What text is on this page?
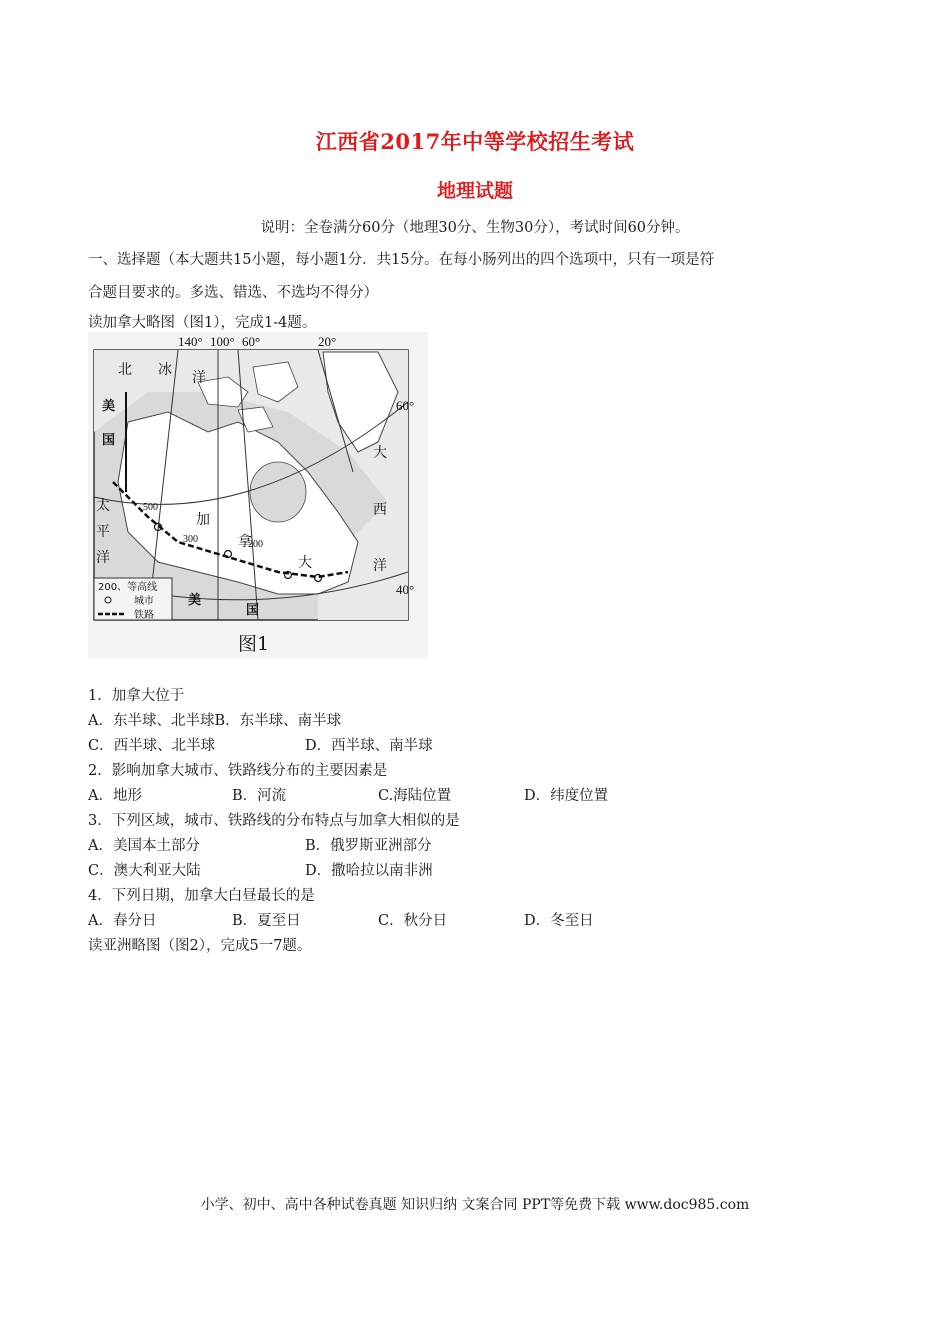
江西省2017年中等学校招生考试
地理试题
说明：全卷满分60分（地理30分、生物30分），考试时间60分钟。
一、选择题（本大题共15小题，每小题1分．共15分。在每小肠列出的四个选项中，只有一项是符
合题目要求的。多选、错选、不选均不得分）
读加拿大略图（图1），完成1-4题。
140° 100° 60°	20°
60°
40°
北 冰 洋
大
西
洋
太
平
洋
美
国
加
拿
大
美
国
500
300	200
200、等高线
城市
铁路
图1
1．加拿大位于
A．东半球、北半球B．东半球、南半球
C．西半球、北半球	D．西半球、南半球
2．影响加拿大城市、铁路线分布的主要因素是
A．地形	B．河流	C.海陆位置	D．纬度位置
3．下列区域，城市、铁路线的分布特点与加拿大相似的是
A．美国本土部分	B．俄罗斯亚洲部分
C．澳大利亚大陆	D．撒哈拉以南非洲
4．下列日期，加拿大白昼最长的是
A．春分日	B．夏至日	C．秋分日	D．冬至日
读亚洲略图（图2），完成5一7题。
小学、初中、高中各种试卷真题 知识归纳 文案合同 PPT等免费下载 www.doc985.com
